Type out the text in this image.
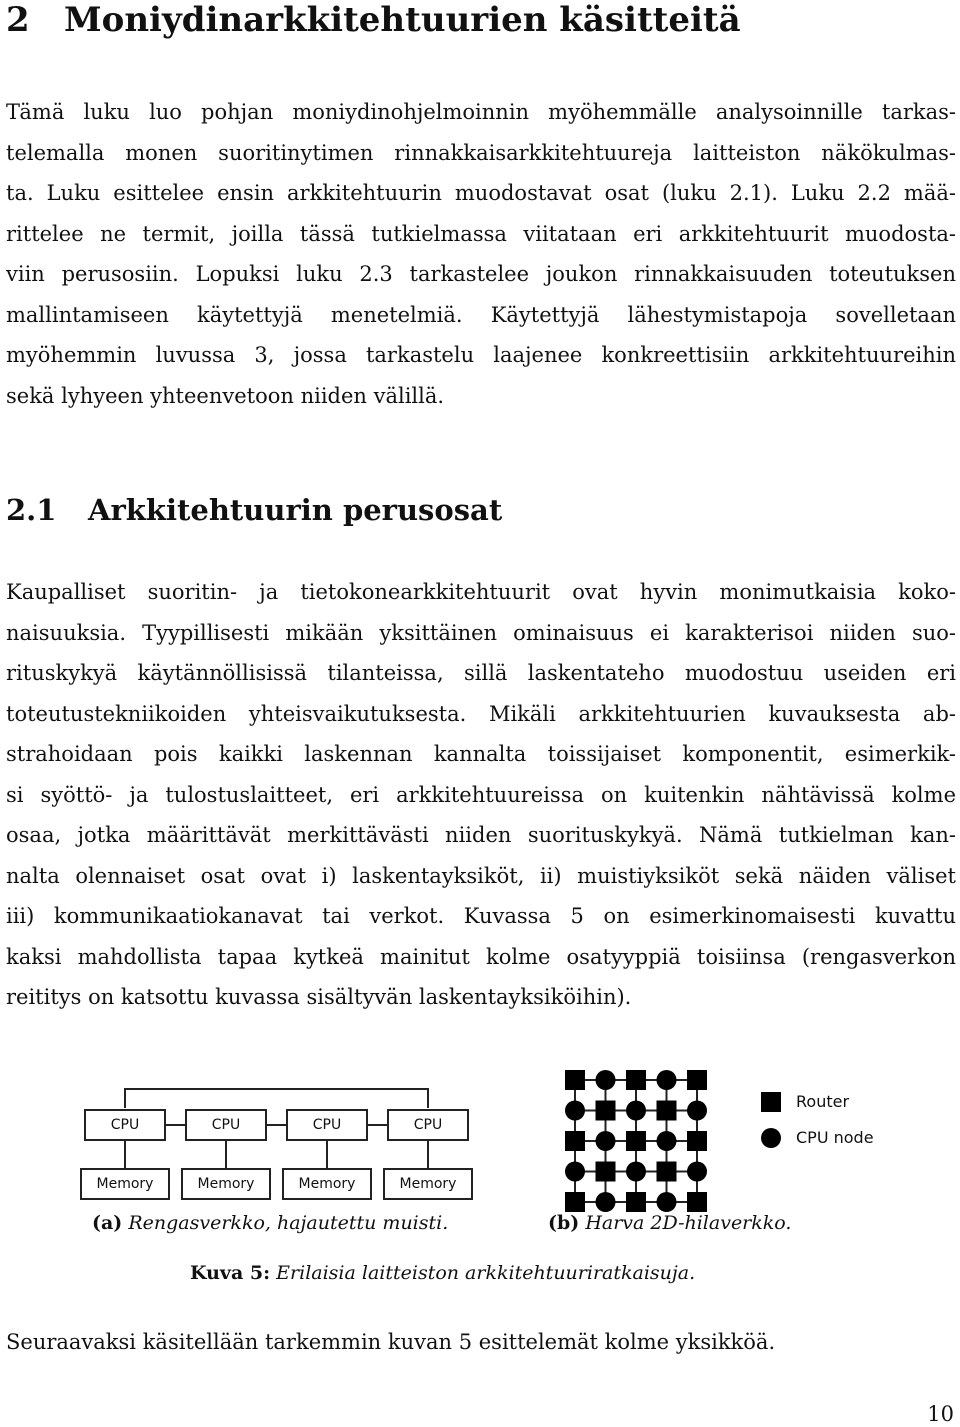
2 Moniydinarkkitehtuurien käsitteitä
Tämä luku luo pohjan moniydinohjelmoinnin myöhemmälle analysoinnille tarkas-
telemalla monen suoritinytimen rinnakkaisarkkitehtuureja laitteiston näkökulmas-
ta. Luku esittelee ensin arkkitehtuurin muodostavat osat (luku 2.1). Luku 2.2 mää-
rittelee ne termit, joilla tässä tutkielmassa viitataan eri arkkitehtuurit muodosta-
viin perusosiin. Lopuksi luku 2.3 tarkastelee joukon rinnakkaisuuden toteutuksen
mallintamiseen käytettyjä menetelmiä. Käytettyjä lähestymistapoja sovelletaan
myöhemmin luvussa 3, jossa tarkastelu laajenee konkreettisiin arkkitehtuureihin
sekä lyhyeen yhteenvetoon niiden välillä.
2.1 Arkkitehtuurin perusosat
Kaupalliset suoritin- ja tietokonearkkitehtuurit ovat hyvin monimutkaisia koko-
naisuuksia. Tyypillisesti mikään yksittäinen ominaisuus ei karakterisoi niiden suo-
rituskykyä käytännöllisissä tilanteissa, sillä laskentateho muodostuu useiden eri
toteutustekniikoiden yhteisvaikutuksesta. Mikäli arkkitehtuurien kuvauksesta ab-
strahoidaan pois kaikki laskennan kannalta toissijaiset komponentit, esimerkik-
si syöttö- ja tulostuslaitteet, eri arkkitehtuureissa on kuitenkin nähtävissä kolme
osaa, jotka määrittävät merkittävästi niiden suorituskykyä. Nämä tutkielman kan-
nalta olennaiset osat ovat i) laskentayksiköt, ii) muistiyksiköt sekä näiden väliset
iii) kommunikaatiokanavat tai verkot. Kuvassa 5 on esimerkinomaisesti kuvattu
kaksi mahdollista tapaa kytkeä mainitut kolme osatyyppiä toisiinsa (rengasverkon
reititys on katsottu kuvassa sisältyvän laskentayksiköihin).
CPU	CPU	CPU	CPU
Memory	Memory	Memory	Memory
Router
CPU node
(a) Rengasverkko, hajautettu muisti.	(b) Harva 2D-hilaverkko.
Kuva 5: Erilaisia laitteiston arkkitehtuuriratkaisuja.
Seuraavaksi käsitellään tarkemmin kuvan 5 esittelemät kolme yksikköä.
10
